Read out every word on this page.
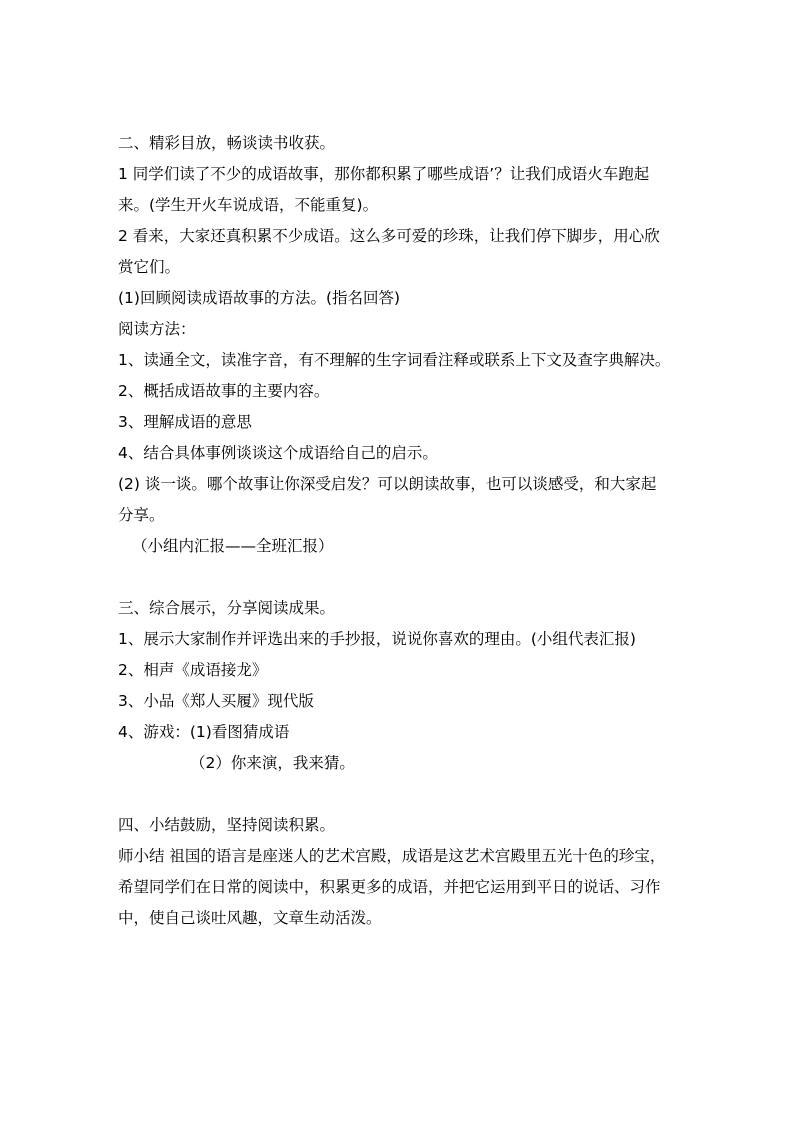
二、精彩目放，畅谈读书收获。
1 同学们读了不少的成语故事，那你都积累了哪些成语’？让我们成语火车跑起
来。(学生开火车说成语，不能重复)。
2 看来，大家还真积累不少成语。这么多可爱的珍珠，让我们停下脚步，用心欣
赏它们。
(1)回顾阅读成语故事的方法。(指名回答)
阅读方法：
1、读通全文，读准字音，有不理解的生字词看注释或联系上下文及查字典解决。
2、概括成语故事的主要内容。
3、理解成语的意思
4、结合具体事例谈谈这个成语给自己的启示。
(2) 谈一谈。哪个故事让你深受启发？可以朗读故事，也可以谈感受，和大家起
分享。
（小组内汇报——全班汇报）
三、综合展示，分享阅读成果。
1、展示大家制作并评选出来的手抄报，说说你喜欢的理由。(小组代表汇报)
2、相声《成语接龙》
3、小品《郑人买履》现代版
4、游戏：(1)看图猜成语
（2）你来演，我来猜。
四、小结鼓励，坚持阅读积累。
师小结 祖国的语言是座迷人的艺术宫殿，成语是这艺术宫殿里五光十色的珍宝，
希望同学们在日常的阅读中，积累更多的成语，并把它运用到平日的说话、习作
中，使自己谈吐风趣，文章生动活泼。
